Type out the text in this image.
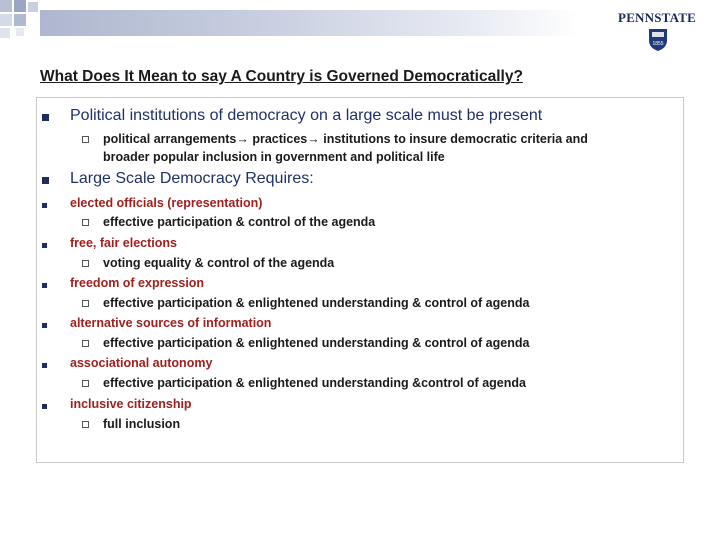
PENNSTATE
1855
What Does It Mean to say A Country is Governed Democratically?
Political institutions of democracy on a large scale must be present
political arrangements→ practices→ institutions to insure democratic criteria and
broader popular inclusion in government and political life
Large Scale Democracy Requires:
elected officials (representation)
effective participation & control of the agenda
free, fair elections
voting equality & control of the agenda
freedom of expression
effective participation & enlightened understanding & control of agenda
alternative sources of information
effective participation & enlightened understanding & control of agenda
associational autonomy
effective participation & enlightened understanding &control of agenda
inclusive citizenship
full inclusion
